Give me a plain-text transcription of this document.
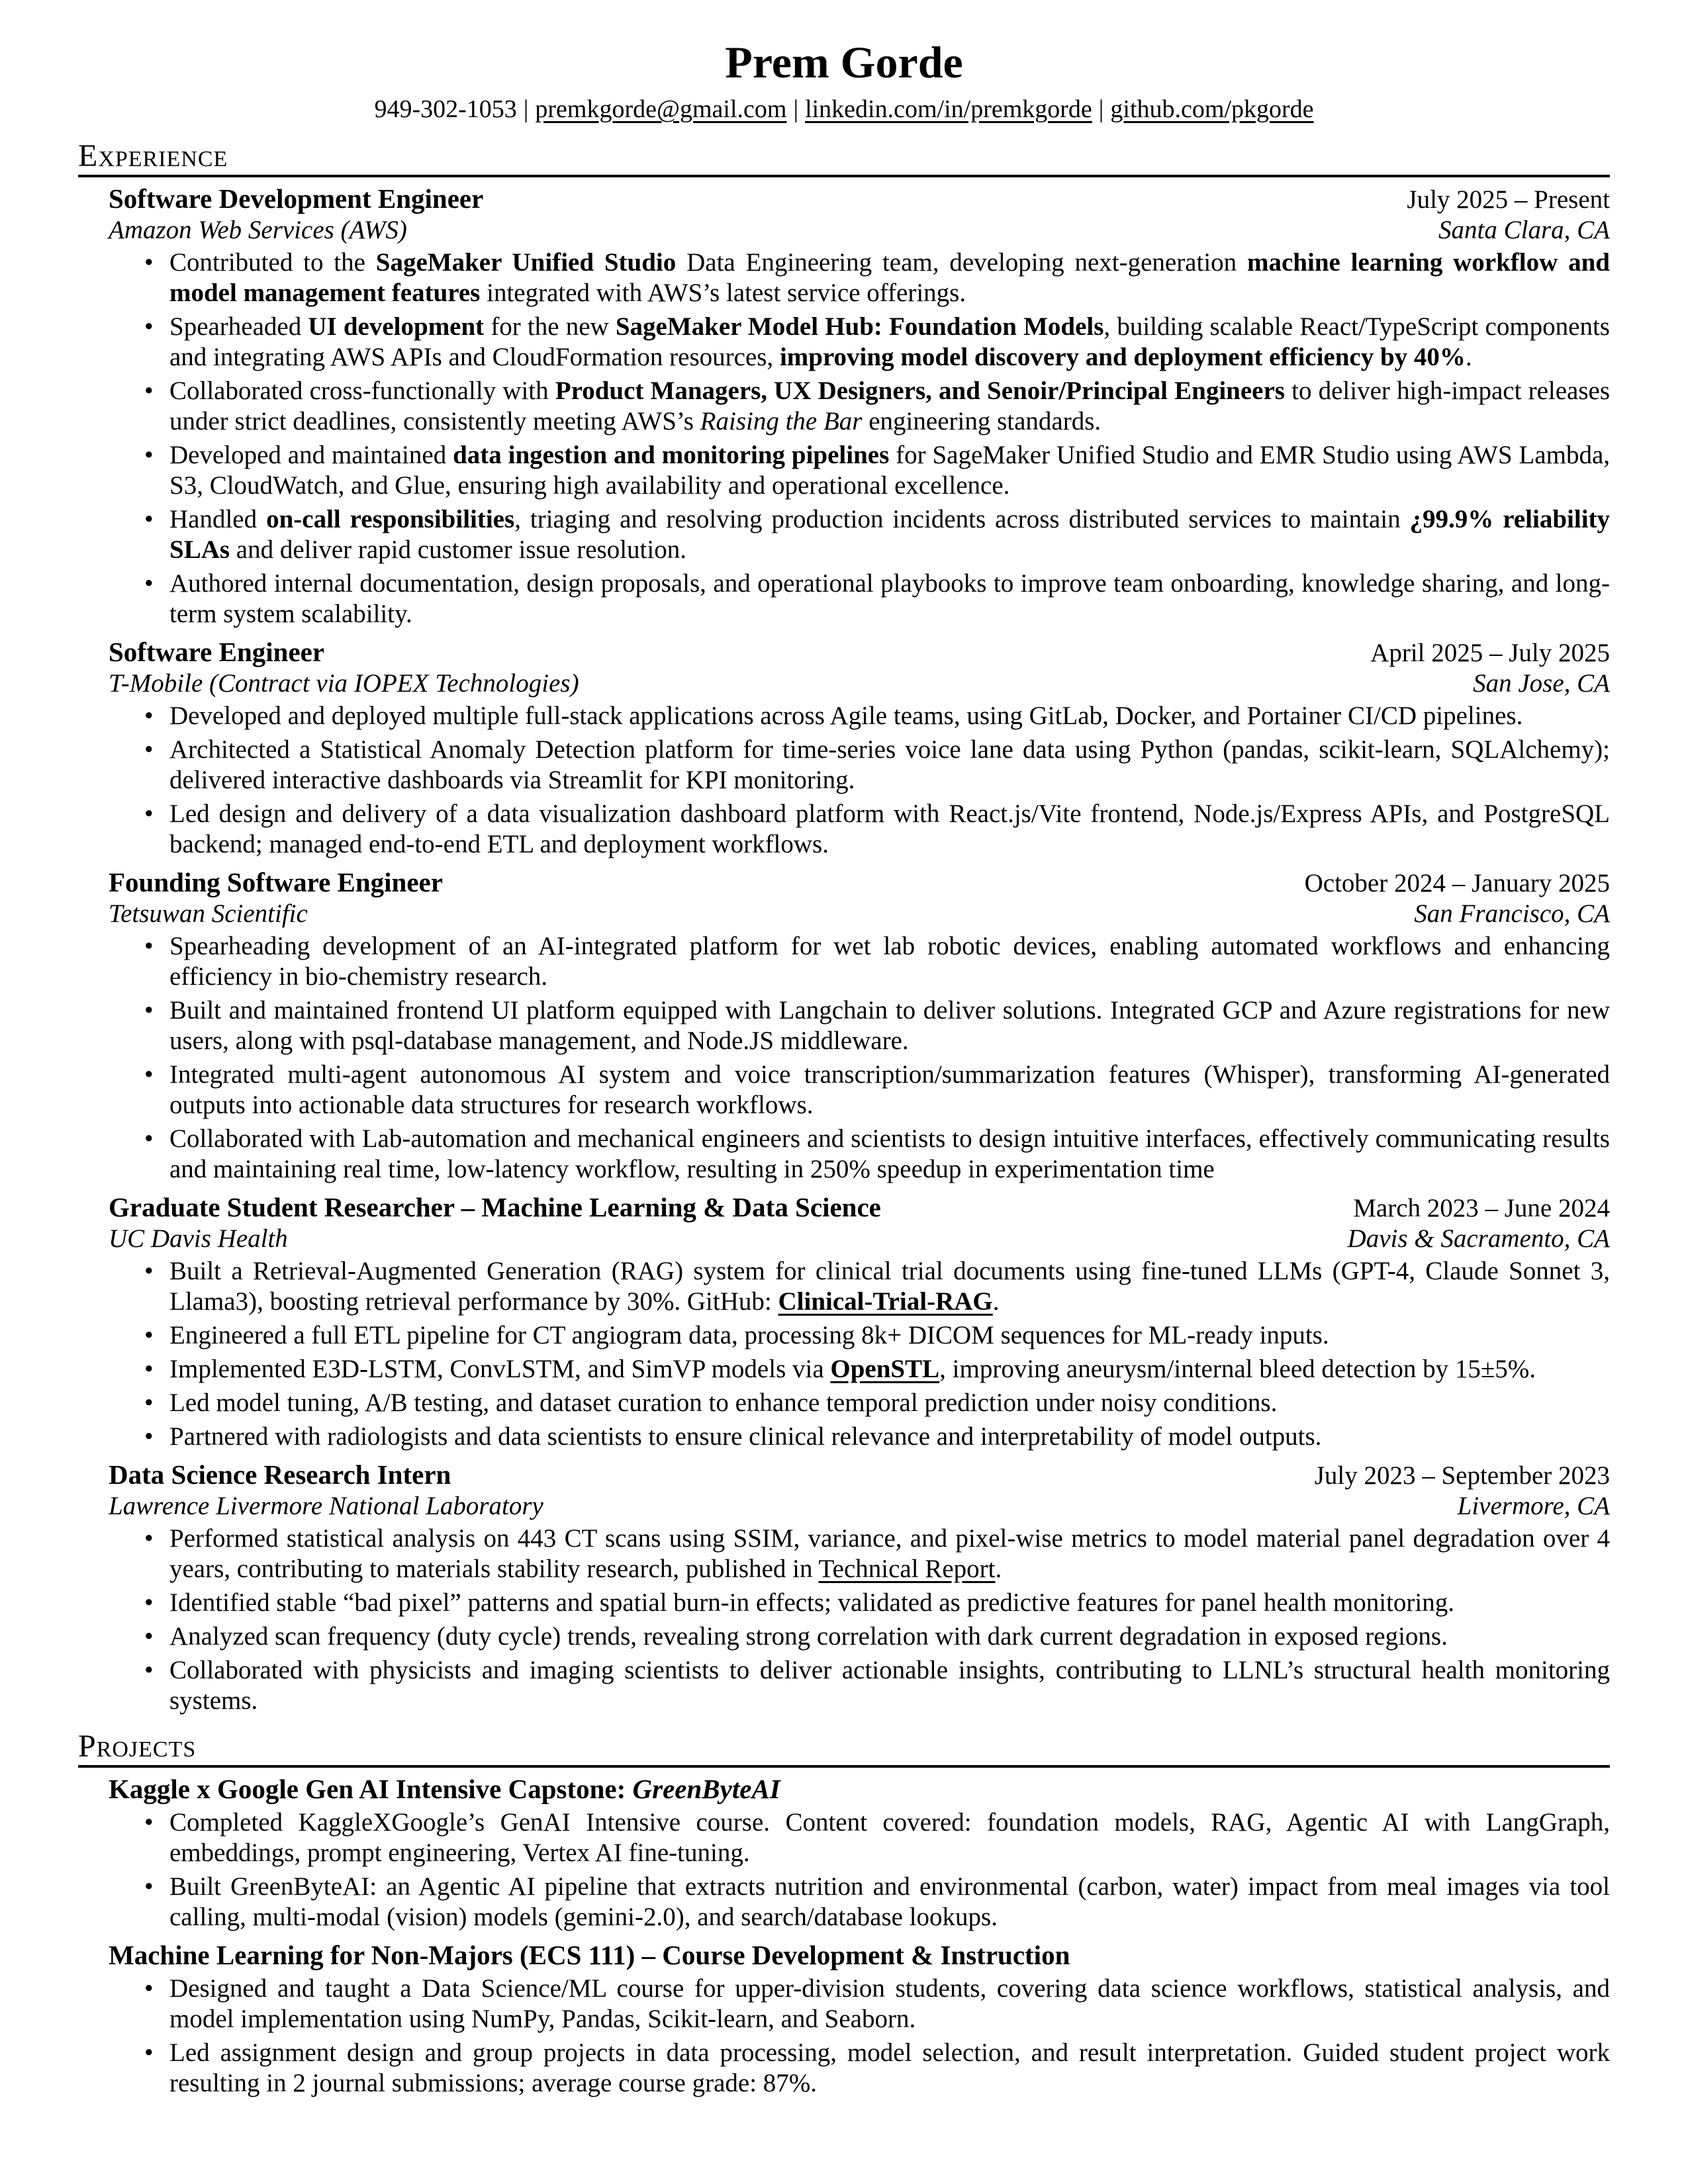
Prem Gorde
949-302-1053 | premkgorde@gmail.com | linkedin.com/in/premkgorde | github.com/pkgorde
Experience
Software Development Engineer	July 2025 – Present
Amazon Web Services (AWS)	Santa Clara, CA
• Contributed to the SageMaker Unified Studio Data Engineering team, developing next-generation machine learning workflow and model management features integrated with AWS’s latest service offerings.
• Spearheaded UI development for the new SageMaker Model Hub: Foundation Models, building scalable React/TypeScript components and integrating AWS APIs and CloudFormation resources, improving model discovery and deployment efficiency by 40%.
• Collaborated cross-functionally with Product Managers, UX Designers, and Senoir/Principal Engineers to deliver high-impact releases under strict deadlines, consistently meeting AWS’s Raising the Bar engineering standards.
• Developed and maintained data ingestion and monitoring pipelines for SageMaker Unified Studio and EMR Studio using AWS Lambda, S3, CloudWatch, and Glue, ensuring high availability and operational excellence.
• Handled on-call responsibilities, triaging and resolving production incidents across distributed services to maintain ¿99.9% reliability SLAs and deliver rapid customer issue resolution.
• Authored internal documentation, design proposals, and operational playbooks to improve team onboarding, knowledge sharing, and long-term system scalability.
Software Engineer	April 2025 – July 2025
T-Mobile (Contract via IOPEX Technologies)	San Jose, CA
• Developed and deployed multiple full-stack applications across Agile teams, using GitLab, Docker, and Portainer CI/CD pipelines.
• Architected a Statistical Anomaly Detection platform for time-series voice lane data using Python (pandas, scikit-learn, SQLAlchemy); delivered interactive dashboards via Streamlit for KPI monitoring.
• Led design and delivery of a data visualization dashboard platform with React.js/Vite frontend, Node.js/Express APIs, and PostgreSQL backend; managed end-to-end ETL and deployment workflows.
Founding Software Engineer	October 2024 – January 2025
Tetsuwan Scientific	San Francisco, CA
• Spearheading development of an AI-integrated platform for wet lab robotic devices, enabling automated workflows and enhancing efficiency in bio-chemistry research.
• Built and maintained frontend UI platform equipped with Langchain to deliver solutions. Integrated GCP and Azure registrations for new users, along with psql-database management, and Node.JS middleware.
• Integrated multi-agent autonomous AI system and voice transcription/summarization features (Whisper), transforming AI-generated outputs into actionable data structures for research workflows.
• Collaborated with Lab-automation and mechanical engineers and scientists to design intuitive interfaces, effectively communicating results and maintaining real time, low-latency workflow, resulting in 250% speedup in experimentation time
Graduate Student Researcher – Machine Learning & Data Science	March 2023 – June 2024
UC Davis Health	Davis & Sacramento, CA
• Built a Retrieval-Augmented Generation (RAG) system for clinical trial documents using fine-tuned LLMs (GPT-4, Claude Sonnet 3, Llama3), boosting retrieval performance by 30%. GitHub: Clinical-Trial-RAG.
• Engineered a full ETL pipeline for CT angiogram data, processing 8k+ DICOM sequences for ML-ready inputs.
• Implemented E3D-LSTM, ConvLSTM, and SimVP models via OpenSTL, improving aneurysm/internal bleed detection by 15±5%.
• Led model tuning, A/B testing, and dataset curation to enhance temporal prediction under noisy conditions.
• Partnered with radiologists and data scientists to ensure clinical relevance and interpretability of model outputs.
Data Science Research Intern	July 2023 – September 2023
Lawrence Livermore National Laboratory	Livermore, CA
• Performed statistical analysis on 443 CT scans using SSIM, variance, and pixel-wise metrics to model material panel degradation over 4 years, contributing to materials stability research, published in Technical Report.
• Identified stable “bad pixel” patterns and spatial burn-in effects; validated as predictive features for panel health monitoring.
• Analyzed scan frequency (duty cycle) trends, revealing strong correlation with dark current degradation in exposed regions.
• Collaborated with physicists and imaging scientists to deliver actionable insights, contributing to LLNL’s structural health monitoring systems.
Projects
Kaggle x Google Gen AI Intensive Capstone: GreenByteAI
• Completed KaggleXGoogle’s GenAI Intensive course. Content covered: foundation models, RAG, Agentic AI with LangGraph, embeddings, prompt engineering, Vertex AI fine-tuning.
• Built GreenByteAI: an Agentic AI pipeline that extracts nutrition and environmental (carbon, water) impact from meal images via tool calling, multi-modal (vision) models (gemini-2.0), and search/database lookups.
Machine Learning for Non-Majors (ECS 111) – Course Development & Instruction
• Designed and taught a Data Science/ML course for upper-division students, covering data science workflows, statistical analysis, and model implementation using NumPy, Pandas, Scikit-learn, and Seaborn.
• Led assignment design and group projects in data processing, model selection, and result interpretation. Guided student project work resulting in 2 journal submissions; average course grade: 87%.
